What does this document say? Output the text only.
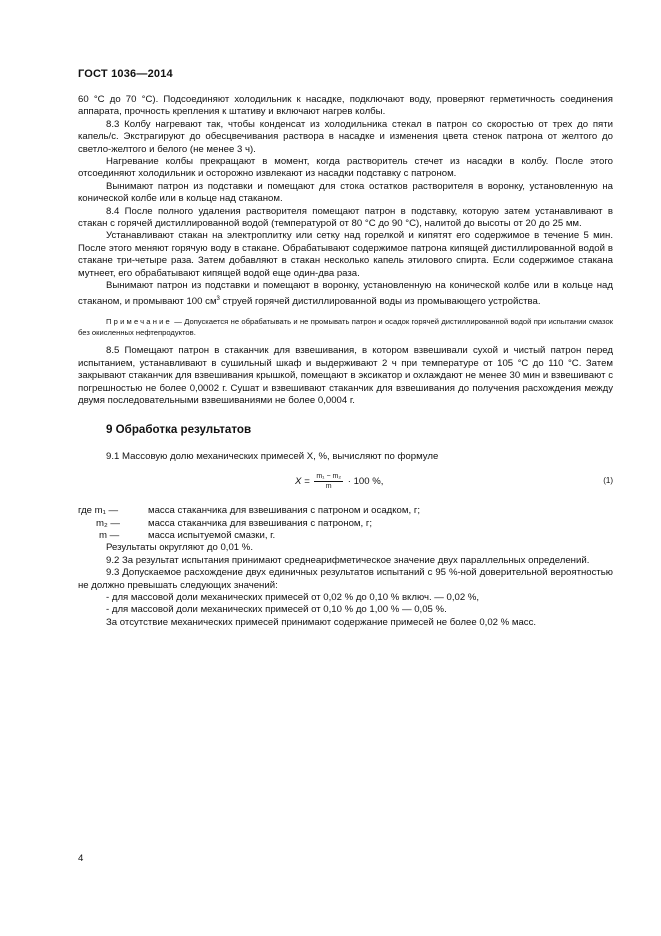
ГОСТ 1036—2014

60 °С до 70 °С). Подсоединяют холодильник к насадке, подключают воду, проверяют герметичность соединения аппарата, прочность крепления к штативу и включают нагрев колбы.

8.3 Колбу нагревают так, чтобы конденсат из холодильника стекал в патрон со скоростью от трех до пяти капель/с. Экстрагируют до обесцвечивания раствора в насадке и изменения цвета стенок патрона от желтого до светло-желтого и белого (не менее 3 ч).

Нагревание колбы прекращают в момент, когда растворитель стечет из насадки в колбу. После этого отсоединяют холодильник и осторожно извлекают из насадки подставку с патроном.

Вынимают патрон из подставки и помещают для стока остатков растворителя в воронку, установленную на конической колбе или в кольце над стаканом.

8.4 После полного удаления растворителя помещают патрон в подставку, которую затем устанавливают в стакан с горячей дистиллированной водой (температурой от 80 °С до 90 °С), налитой до высоты от 20 до 25 мм.

Устанавливают стакан на электроплитку или сетку над горелкой и кипятят его содержимое в течение 5 мин. После этого меняют горячую воду в стакане. Обрабатывают содержимое патрона кипящей дистиллированной водой в стакане три-четыре раза. Затем добавляют в стакан несколько капель этилового спирта. Если содержимое стакана мутнеет, его обрабатывают кипящей водой еще один-два раза.

Вынимают патрон из подставки и помещают в воронку, установленную на конической колбе или в кольце над стаканом, и промывают 100 $см^3$ струей горячей дистиллированной воды из промывающего устройства.

Примечание — Допускается не обрабатывать и не промывать патрон и осадок горячей дистиллированной водой при испытании смазок без окисленных нефтепродуктов.

8.5 Помещают патрон в стаканчик для взвешивания, в котором взвешивали сухой и чистый патрон перед испытанием, устанавливают в сушильный шкаф и выдерживают 2 ч при температуре от 105 °С до 110 °С. Затем закрывают стаканчик для взвешивания крышкой, помещают в эксикатор и охлаждают не менее 30 мин и взвешивают с погрешностью не более 0,0002 г. Сушат и взвешивают стаканчик для взвешивания до получения расхождения между двумя последовательными взвешиваниями не более 0,0004 г.

9 Обработка результатов

9.1 Массовую долю механических примесей X, %, вычисляют по формуле

$X = \frac{\text{m₁ − m₂}}{m} \cdot 100$ %,	(1)
где m₁ —	масса стаканчика для взвешивания с патроном и осадком, г;
m₂ —	масса стаканчика для взвешивания с патроном, г;
m —	масса испытуемой смазки, г.

Результаты округляют до 0,01 %.

9.2 За результат испытания принимают среднеарифметическое значение двух параллельных определений.

9.3 Допускаемое расхождение двух единичных результатов испытаний с 95 %-ной доверительной вероятностью не должно превышать следующих значений:

- для массовой доли механических примесей от 0,02 % до 0,10 % включ. — 0,02 %,

- для массовой доли механических примесей от 0,10 % до 1,00 % — 0,05 %.

За отсутствие механических примесей принимают содержание примесей не более 0,02 % масс.

4
